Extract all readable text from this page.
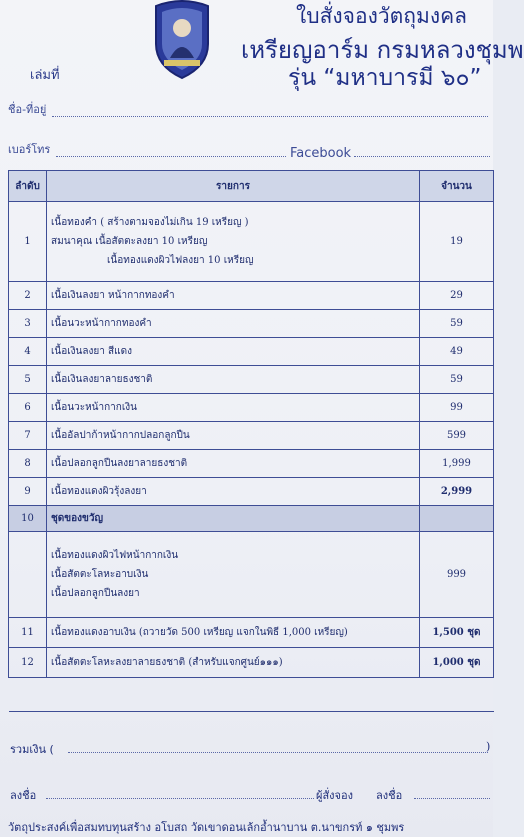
ใบสั่งจองวัตถุมงคล
เหรียญอาร์ม กรมหลวงชุมพ
รุ่น “มหาบารมี ๖๐”
เล่มที่
ชื่อ-ที่อยู่
เบอร์โทร	Facebook
ลำดับ	รายการ	จำนวน
1	เนื้อทองคำ ( สร้างตามจองไม่เกิน 19 เหรียญ )
สมนาคุณ เนื้อสัตตะลงยา 10 เหรียญ
เนื้อทองแดงผิวไฟลงยา 10 เหรียญ	19
2	เนื้อเงินลงยา หน้ากากทองคำ	29
3	เนื้อนวะหน้ากากทองคำ	59
4	เนื้อเงินลงยา สีแดง	49
5	เนื้อเงินลงยาลายธงชาติ	59
6	เนื้อนวะหน้ากากเงิน	99
7	เนื้ออัลปาก้าหน้ากากปลอกลูกปืน	599
8	เนื้อปลอกลูกปืนลงยาลายธงชาติ	1,999
9	เนื้อทองแดงผิวรุ้งลงยา	2,999
10	ชุดของขวัญ	

	เนื้อทองแดงผิวไฟหน้ากากเงิน
เนื้อสัตตะโลหะอาบเงิน
เนื้อปลอกลูกปืนลงยา	999
11	เนื้อทองแดงอาบเงิน (ถวายวัด 500 เหรียญ แจกในพิธี 1,000 เหรียญ)	1,500 ชุด
12	เนื้อสัตตะโลหะลงยาลายธงชาติ (สำหรับแจกศูนย์๑๑๑)	1,000 ชุด

รวมเงิน (	)
ลงชื่อ	ผู้สั่งจอง ลงชื่อ
วัตถุประสงค์เพื่อสมทบทุนสร้าง อโบสถ วัดเขาดอนเล้กอ้ำนาบาน ต.นาขกรท์ ๑ ชุมพร
